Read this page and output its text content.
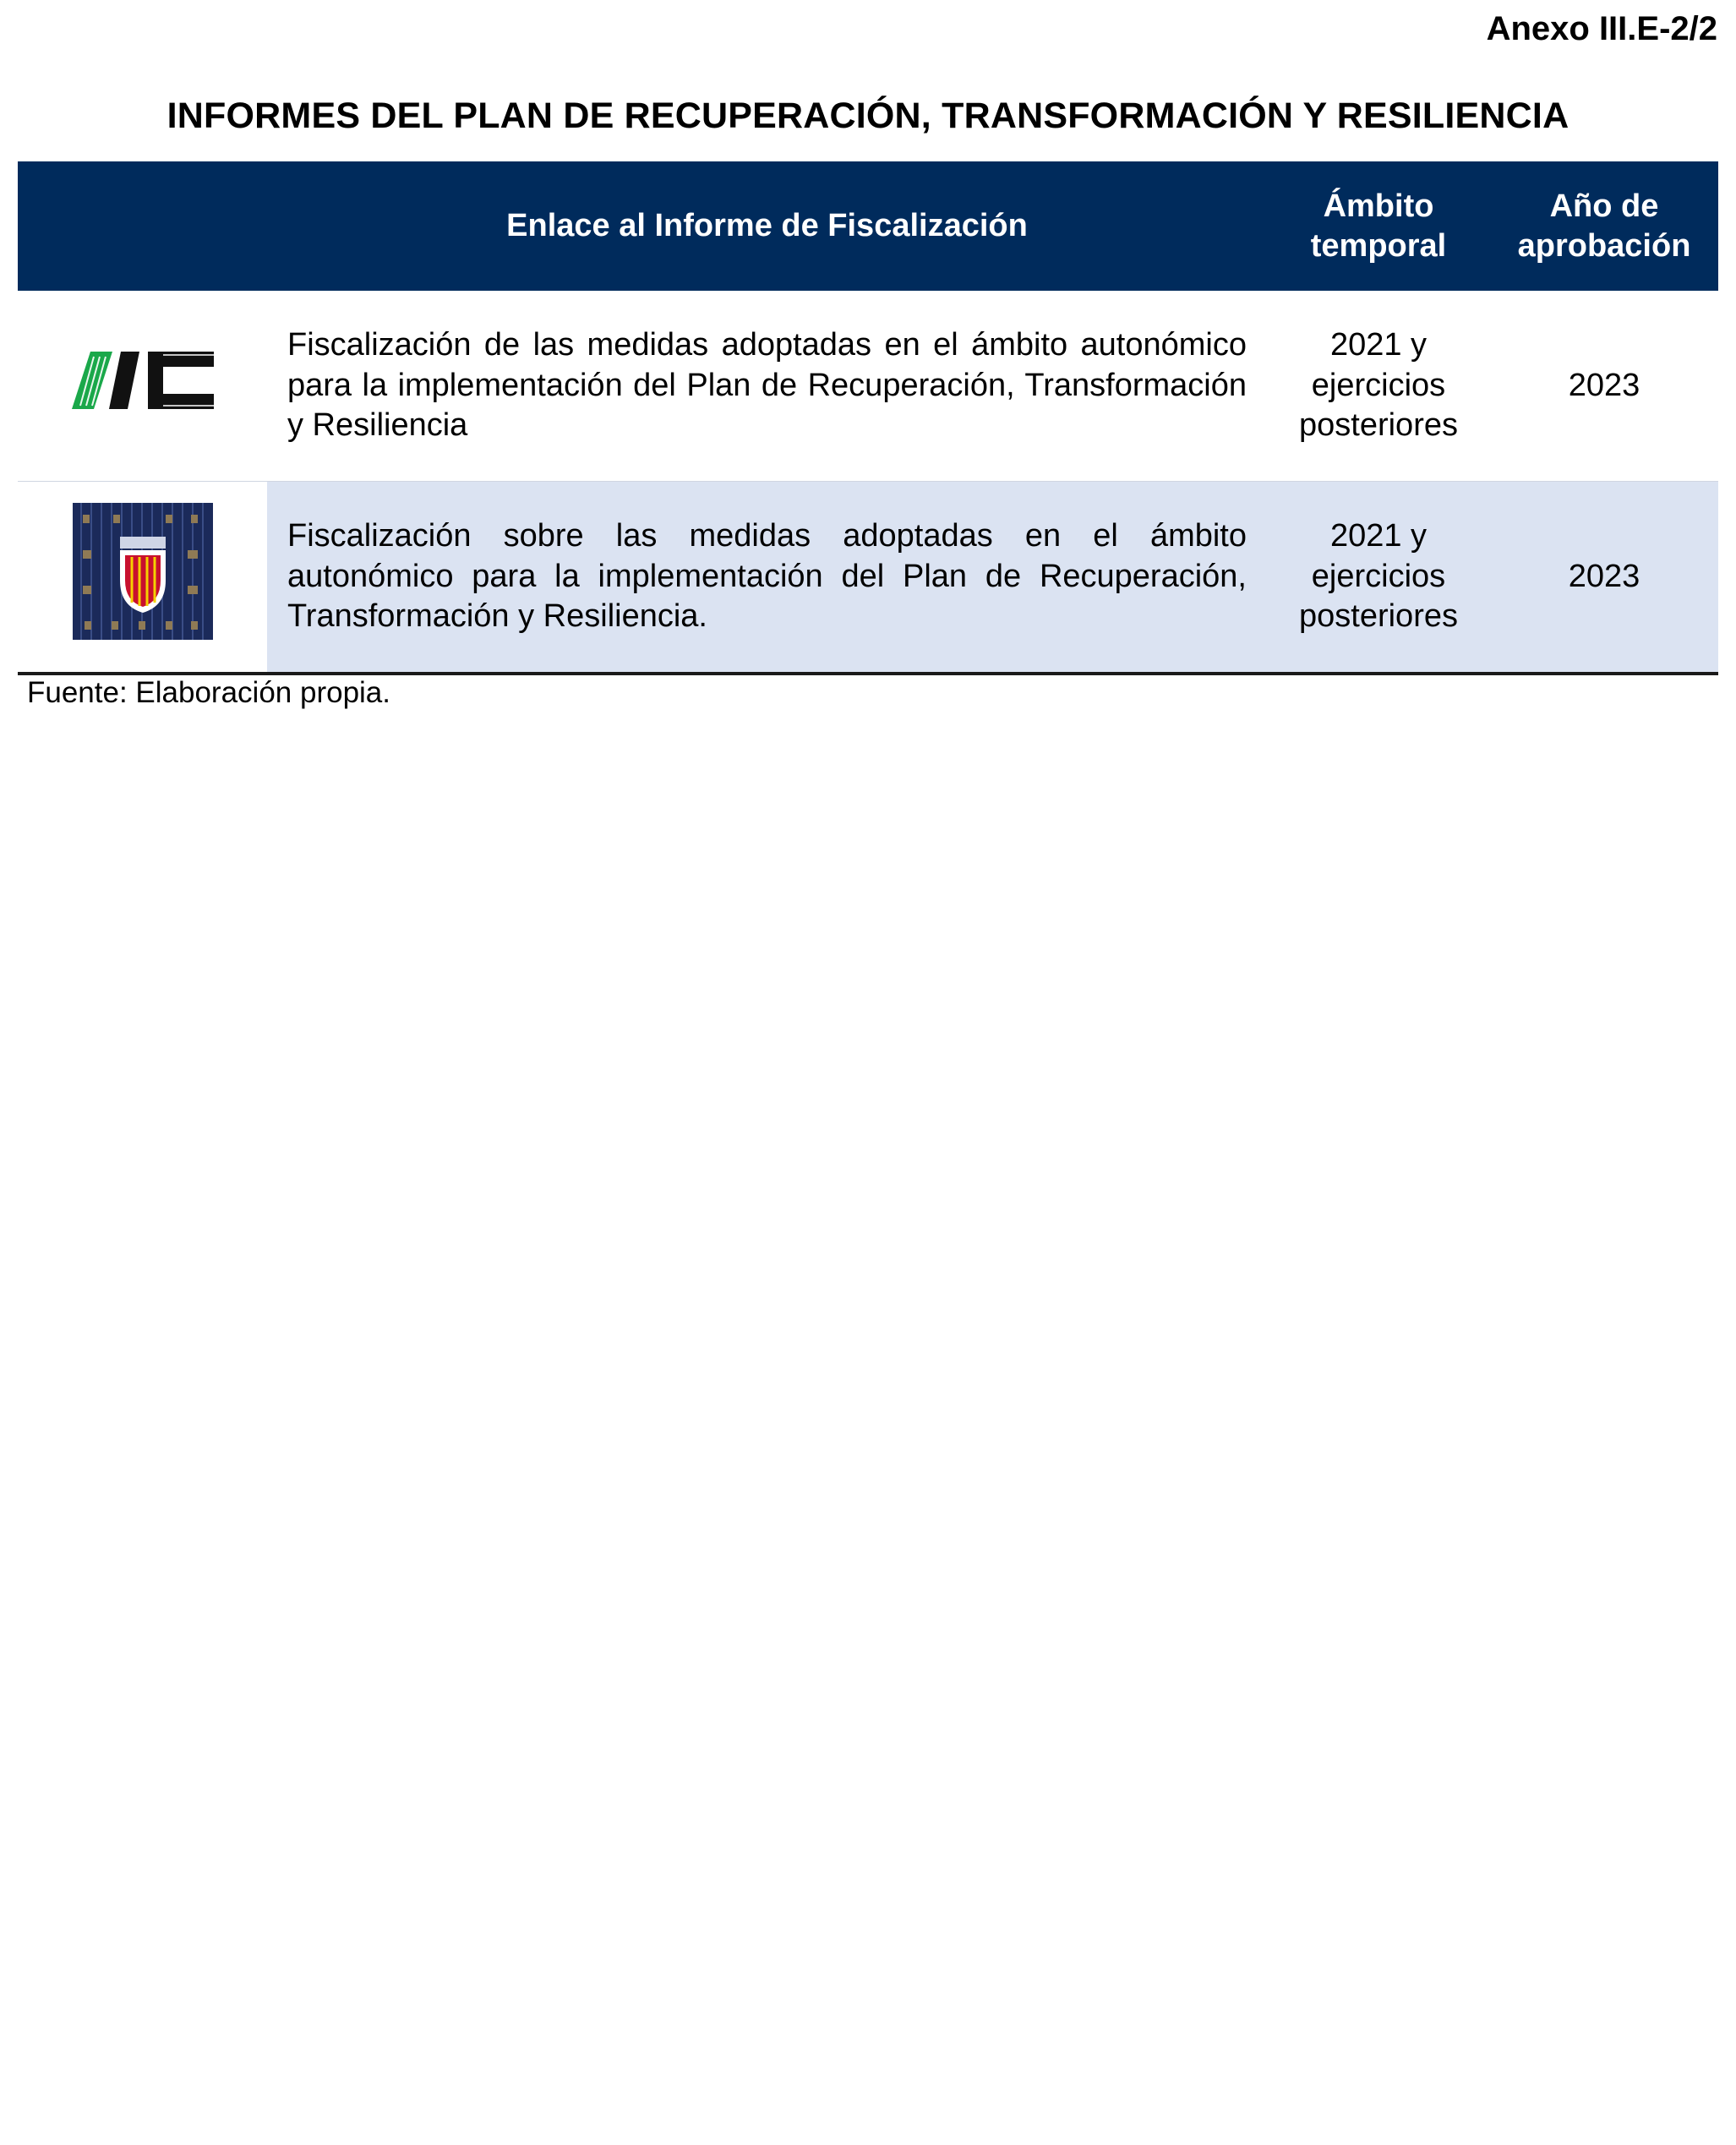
Anexo III.E-2/2
INFORMES DEL PLAN DE RECUPERACIÓN, TRANSFORMACIÓN Y RESILIENCIA
	Enlace al Informe de Fiscalización	Ámbito
temporal	Año de
aprobación
	Fiscalización de las medidas adoptadas en el ámbito autonómico para la implementación del Plan de Recuperación, Transformación y Resiliencia	2021 y
ejercicios
posteriores	2023
	Fiscalización sobre las medidas adoptadas en el ámbito autonómico para la implementación del Plan de Recuperación, Transformación y Resiliencia.	2021 y
ejercicios
posteriores	2023
Fuente: Elaboración propia.
